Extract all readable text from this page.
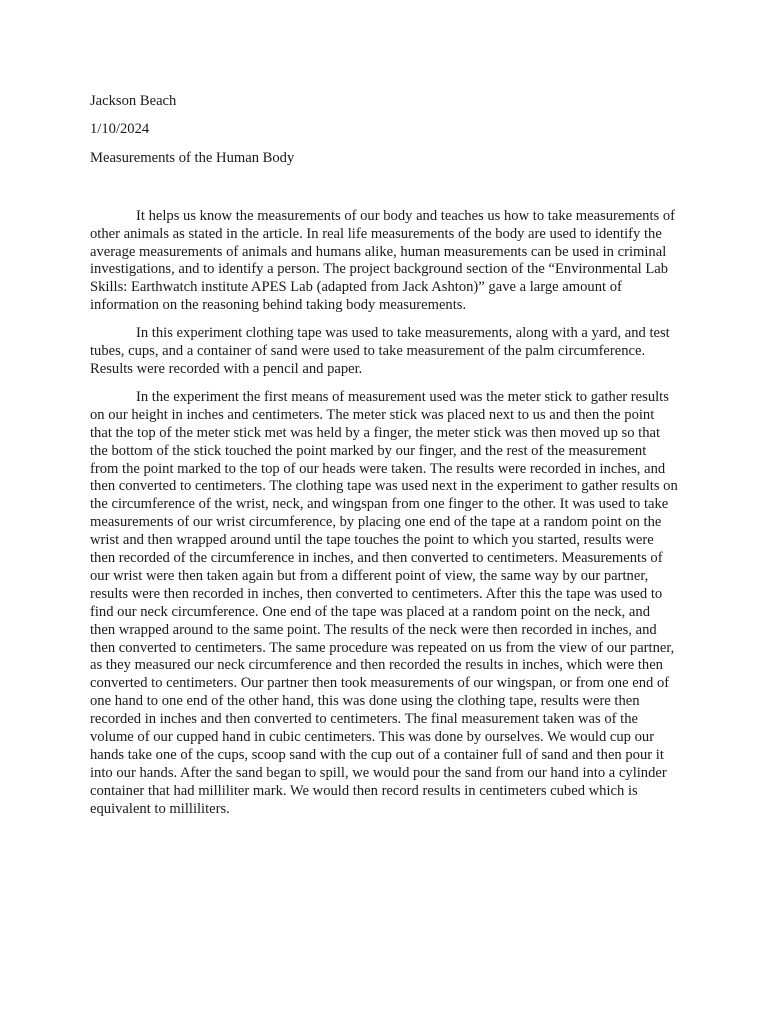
Jackson Beach

1/10/2024

Measurements of the Human Body

It helps us know the measurements of our body and teaches us how to take measurements of other animals as stated in the article. In real life measurements of the body are used to identify the average measurements of animals and humans alike, human measurements can be used in criminal investigations, and to identify a person. The project background section of the “Environmental Lab Skills: Earthwatch institute APES Lab (adapted from Jack Ashton)” gave a large amount of information on the reasoning behind taking body measurements.

In this experiment clothing tape was used to take measurements, along with a yard, and test tubes, cups, and a container of sand were used to take measurement of the palm circumference. Results were recorded with a pencil and paper.

In the experiment the first means of measurement used was the meter stick to gather results on our height in inches and centimeters. The meter stick was placed next to us and then the point that the top of the meter stick met was held by a finger, the meter stick was then moved up so that the bottom of the stick touched the point marked by our finger, and the rest of the measurement from the point marked to the top of our heads were taken. The results were recorded in inches, and then converted to centimeters. The clothing tape was used next in the experiment to gather results on the circumference of the wrist, neck, and wingspan from one finger to the other. It was used to take measurements of our wrist circumference, by placing one end of the tape at a random point on the wrist and then wrapped around until the tape touches the point to which you started, results were then recorded of the circumference in inches, and then converted to centimeters. Measurements of our wrist were then taken again but from a different point of view, the same way by our partner, results were then recorded in inches, then converted to centimeters. After this the tape was used to find our neck circumference. One end of the tape was placed at a random point on the neck, and then wrapped around to the same point. The results of the neck were then recorded in inches, and then converted to centimeters. The same procedure was repeated on us from the view of our partner, as they measured our neck circumference and then recorded the results in inches, which were then converted to centimeters. Our partner then took measurements of our wingspan, or from one end of one hand to one end of the other hand, this was done using the clothing tape, results were then recorded in inches and then converted to centimeters. The final measurement taken was of the volume of our cupped hand in cubic centimeters. This was done by ourselves. We would cup our hands take one of the cups, scoop sand with the cup out of a container full of sand and then pour it into our hands. After the sand began to spill, we would pour the sand from our hand into a cylinder container that had milliliter mark. We would then record results in centimeters cubed which is equivalent to milliliters.
